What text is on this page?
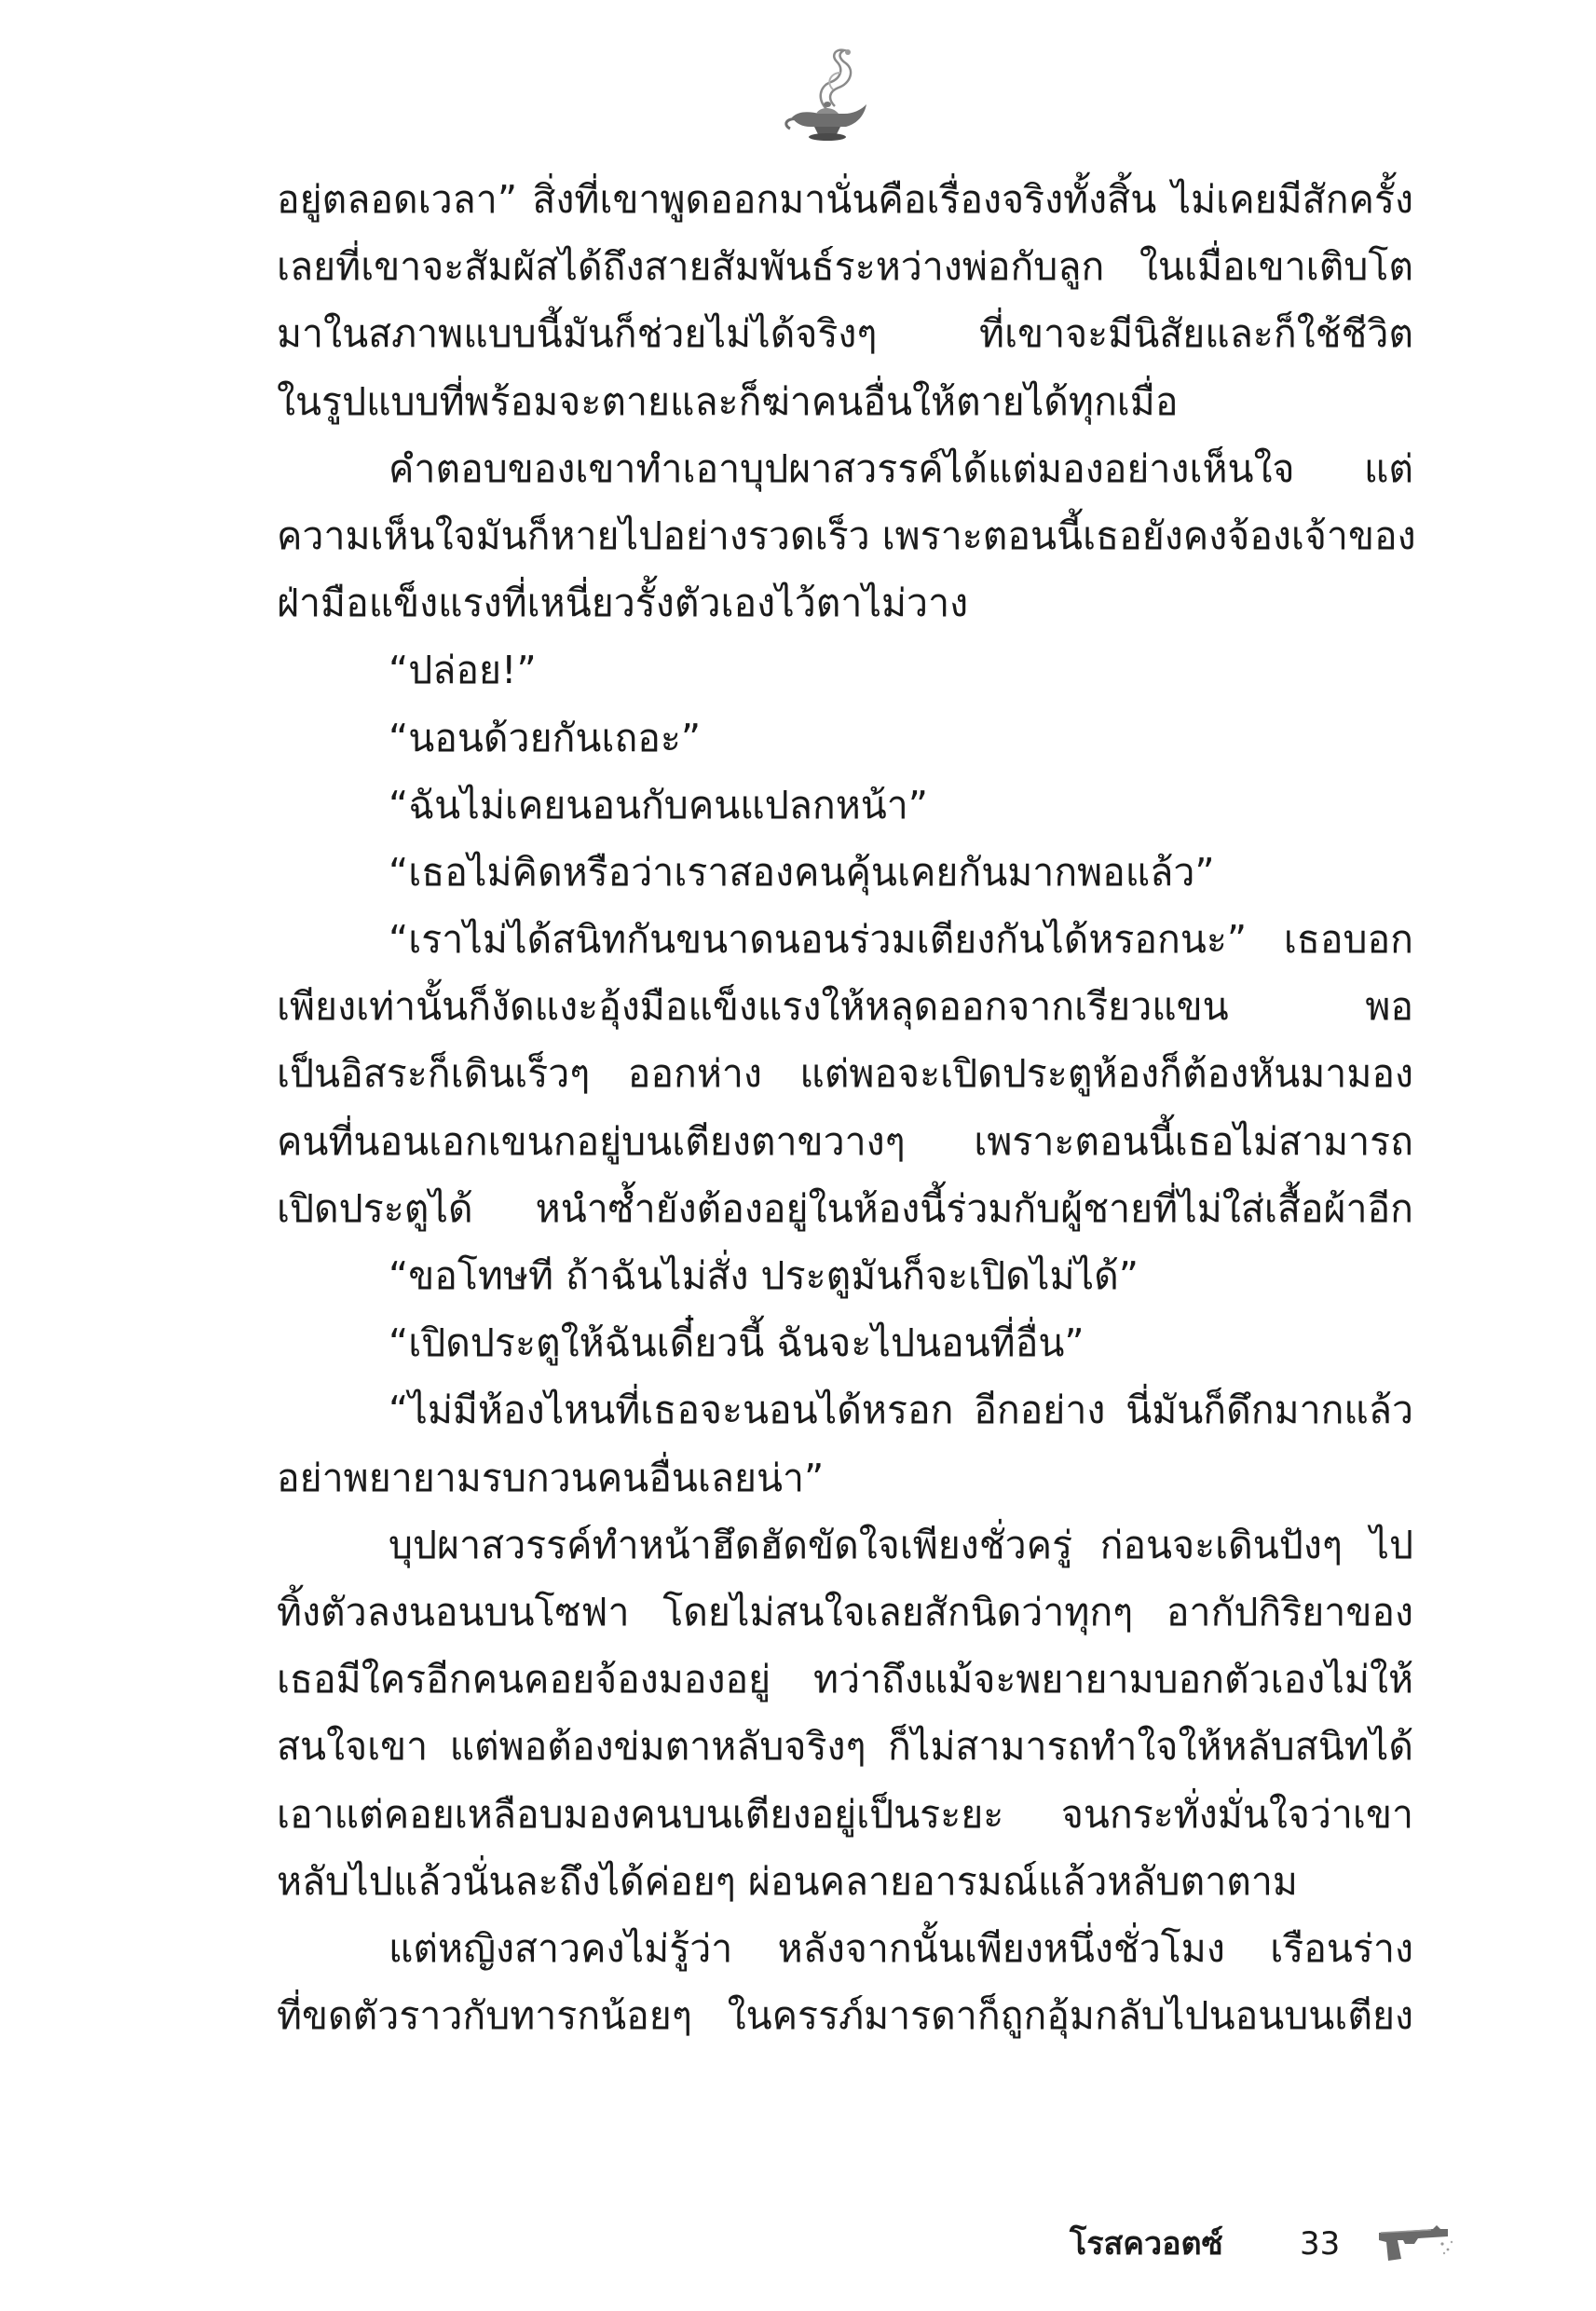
อยู่ตลอดเวลา” สิ่งที่เขาพูดออกมานั่นคือเรื่องจริงทั้งสิ้น ไม่เคยมีสักครั้ง
เลยที่เขาจะสัมผัสได้ถึงสายสัมพันธ์ระหว่างพ่อกับลูก ในเมื่อเขาเติบโต
มาในสภาพแบบนี้มันก็ช่วยไม่ได้จริงๆ ที่เขาจะมีนิสัยและก็ใช้ชีวิต
ในรูปแบบที่พร้อมจะตายและก็ฆ่าคนอื่นให้ตายได้ทุกเมื่อ
คำตอบของเขาทำเอาบุปผาสวรรค์ได้แต่มองอย่างเห็นใจ แต่
ความเห็นใจมันก็หายไปอย่างรวดเร็ว เพราะตอนนี้เธอยังคงจ้องเจ้าของ
ฝ่ามือแข็งแรงที่เหนี่ยวรั้งตัวเองไว้ตาไม่วาง
“ปล่อย!”
“นอนด้วยกันเถอะ”
“ฉันไม่เคยนอนกับคนแปลกหน้า”
“เธอไม่คิดหรือว่าเราสองคนคุ้นเคยกันมากพอแล้ว”
“เราไม่ได้สนิทกันขนาดนอนร่วมเตียงกันได้หรอกนะ” เธอบอก
เพียงเท่านั้นก็งัดแงะอุ้งมือแข็งแรงให้หลุดออกจากเรียวแขน พอ
เป็นอิสระก็เดินเร็วๆ ออกห่าง แต่พอจะเปิดประตูห้องก็ต้องหันมามอง
คนที่นอนเอกเขนกอยู่บนเตียงตาขวางๆ เพราะตอนนี้เธอไม่สามารถ
เปิดประตูได้ หนำซ้ำยังต้องอยู่ในห้องนี้ร่วมกับผู้ชายที่ไม่ใส่เสื้อผ้าอีก
“ขอโทษที ถ้าฉันไม่สั่ง ประตูมันก็จะเปิดไม่ได้”
“เปิดประตูให้ฉันเดี๋ยวนี้ ฉันจะไปนอนที่อื่น”
“ไม่มีห้องไหนที่เธอจะนอนได้หรอก อีกอย่าง นี่มันก็ดึกมากแล้ว
อย่าพยายามรบกวนคนอื่นเลยน่า”
บุปผาสวรรค์ทำหน้าฮึดฮัดขัดใจเพียงชั่วครู่ ก่อนจะเดินปังๆ ไป
ทิ้งตัวลงนอนบนโซฟา โดยไม่สนใจเลยสักนิดว่าทุกๆ อากัปกิริยาของ
เธอมีใครอีกคนคอยจ้องมองอยู่ ทว่าถึงแม้จะพยายามบอกตัวเองไม่ให้
สนใจเขา แต่พอต้องข่มตาหลับจริงๆ ก็ไม่สามารถทำใจให้หลับสนิทได้
เอาแต่คอยเหลือบมองคนบนเตียงอยู่เป็นระยะ จนกระทั่งมั่นใจว่าเขา
หลับไปแล้วนั่นละถึงได้ค่อยๆ ผ่อนคลายอารมณ์แล้วหลับตาตาม
แต่หญิงสาวคงไม่รู้ว่า หลังจากนั้นเพียงหนึ่งชั่วโมง เรือนร่าง
ที่ขดตัวราวกับทารกน้อยๆ ในครรภ์มารดาก็ถูกอุ้มกลับไปนอนบนเตียง
โรสควอตซ์ 33
